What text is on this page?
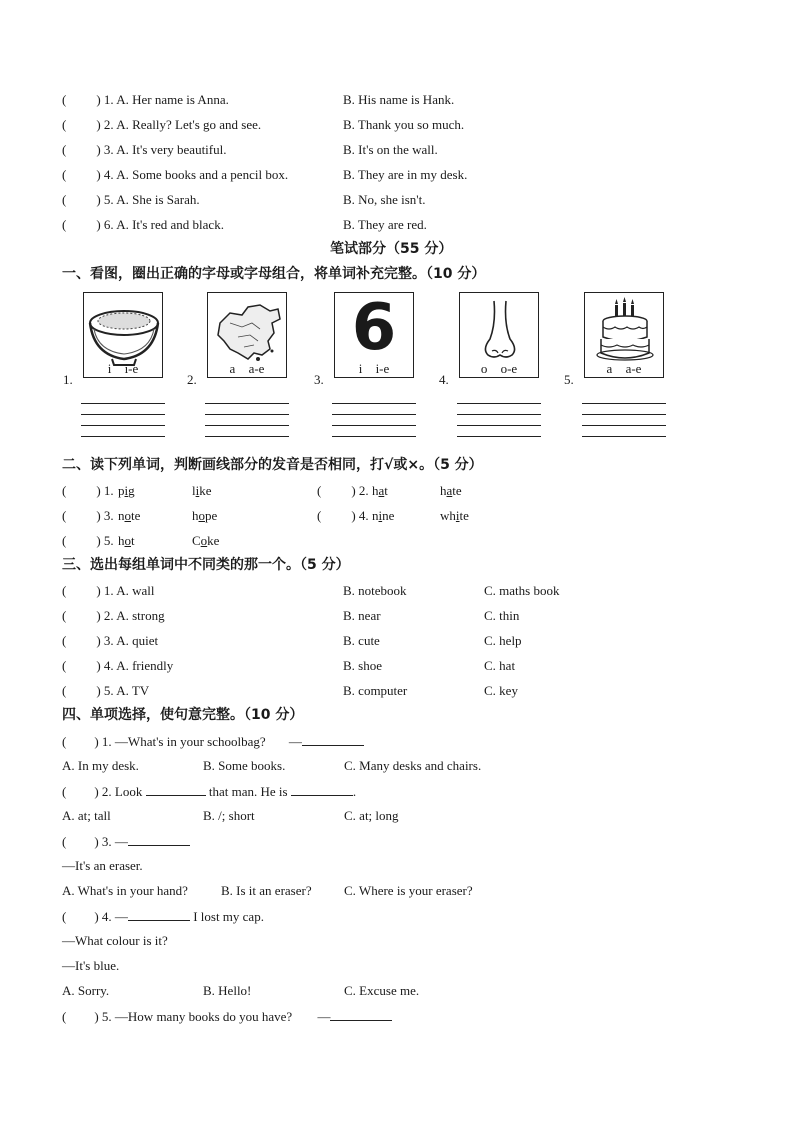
( ) 1. A. Her name is Anna.	B. His name is Hank.
( ) 2. A. Really? Let's go and see.	B. Thank you so much.
( ) 3. A. It's very beautiful.	B. It's on the wall.
( ) 4. A. Some books and a pencil box.	B. They are in my desk.
( ) 5. A. She is Sarah.	B. No, she isn't.
( ) 6. A. It's red and black.	B. They are red.
笔试部分（55 分）
一、看图，圈出正确的字母或字母组合，将单词补充完整。（10 分）
1.
i i-e
2.
a a-e
3.
6
i i-e
4.
o o-e
5.
a a-e
二、读下列单词，判断画线部分的发音是否相同，打√或×。（5 分）
( ) 1. pig	like	( ) 2. hat	hate
( ) 3. note	hope	( ) 4. nine	white
( ) 5. hot	Coke
三、选出每组单词中不同类的那一个。（5 分）
( ) 1. A. wall	B. notebook	C. maths book
( ) 2. A. strong	B. near	C. thin
( ) 3. A. quiet	B. cute	C. help
( ) 4. A. friendly	B. shoe	C. hat
( ) 5. A. TV	B. computer	C. key
四、单项选择，使句意完整。（10 分）
( ) 1. —What's in your schoolbag? —
A. In my desk.	B. Some books.	C. Many desks and chairs.
( ) 2. Look	that man. He is	.
A. at; tall	B. /; short	C. at; long
( ) 3. —
—It's an eraser.
A. What's in your hand?	B. Is it an eraser? C. Where is your eraser?
( ) 4. —	I lost my cap.
—What colour is it?
—It's blue.
A. Sorry.	B. Hello!	C. Excuse me.
( ) 5. —How many books do you have? —
